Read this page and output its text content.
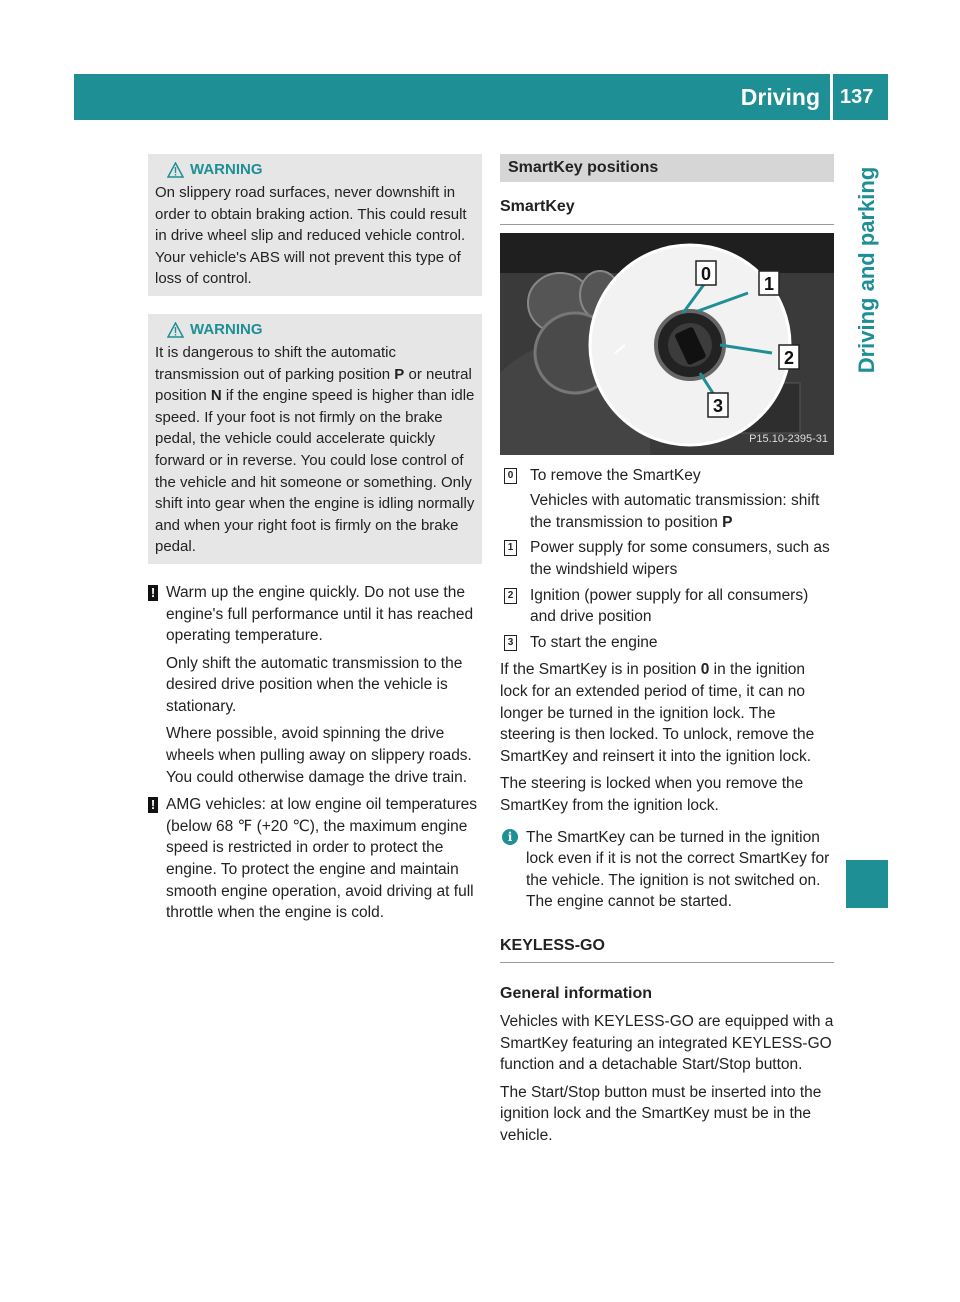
Driving 137
Driving and parking
WARNING
On slippery road surfaces, never downshift in order to obtain braking action. This could result in drive wheel slip and reduced vehicle control. Your vehicle's ABS will not prevent this type of loss of control.
WARNING
It is dangerous to shift the automatic transmission out of parking position P or neutral position N if the engine speed is higher than idle speed. If your foot is not firmly on the brake pedal, the vehicle could accelerate quickly forward or in reverse. You could lose control of the vehicle and hit someone or something. Only shift into gear when the engine is idling normally and when your right foot is firmly on the brake pedal.
! Warm up the engine quickly. Do not use the engine's full performance until it has reached operating temperature.

Only shift the automatic transmission to the desired drive position when the vehicle is stationary.

Where possible, avoid spinning the drive wheels when pulling away on slippery roads. You could otherwise damage the drive train.

! AMG vehicles: at low engine oil temperatures (below 68 ℉ (+20 ℃), the maximum engine speed is restricted in order to protect the engine. To protect the engine and maintain smooth engine operation, avoid driving at full throttle when the engine is cold.

SmartKey positions
SmartKey
0	1
2
3
P15.10-2395-31
0 To remove the SmartKey

Vehicles with automatic transmission: shift the transmission to position P

1 Power supply for some consumers, such as the windshield wipers

2 Ignition (power supply for all consumers) and drive position

3 To start the engine

If the SmartKey is in position 0 in the ignition lock for an extended period of time, it can no longer be turned in the ignition lock. The steering is then locked. To unlock, remove the SmartKey and reinsert it into the ignition lock.

The steering is locked when you remove the SmartKey from the ignition lock.

i The SmartKey can be turned in the ignition lock even if it is not the correct SmartKey for the vehicle. The ignition is not switched on. The engine cannot be started.
KEYLESS-GO
General information

Vehicles with KEYLESS-GO are equipped with a SmartKey featuring an integrated KEYLESS-GO function and a detachable Start/Stop button.

The Start/Stop button must be inserted into the ignition lock and the SmartKey must be in the vehicle.
